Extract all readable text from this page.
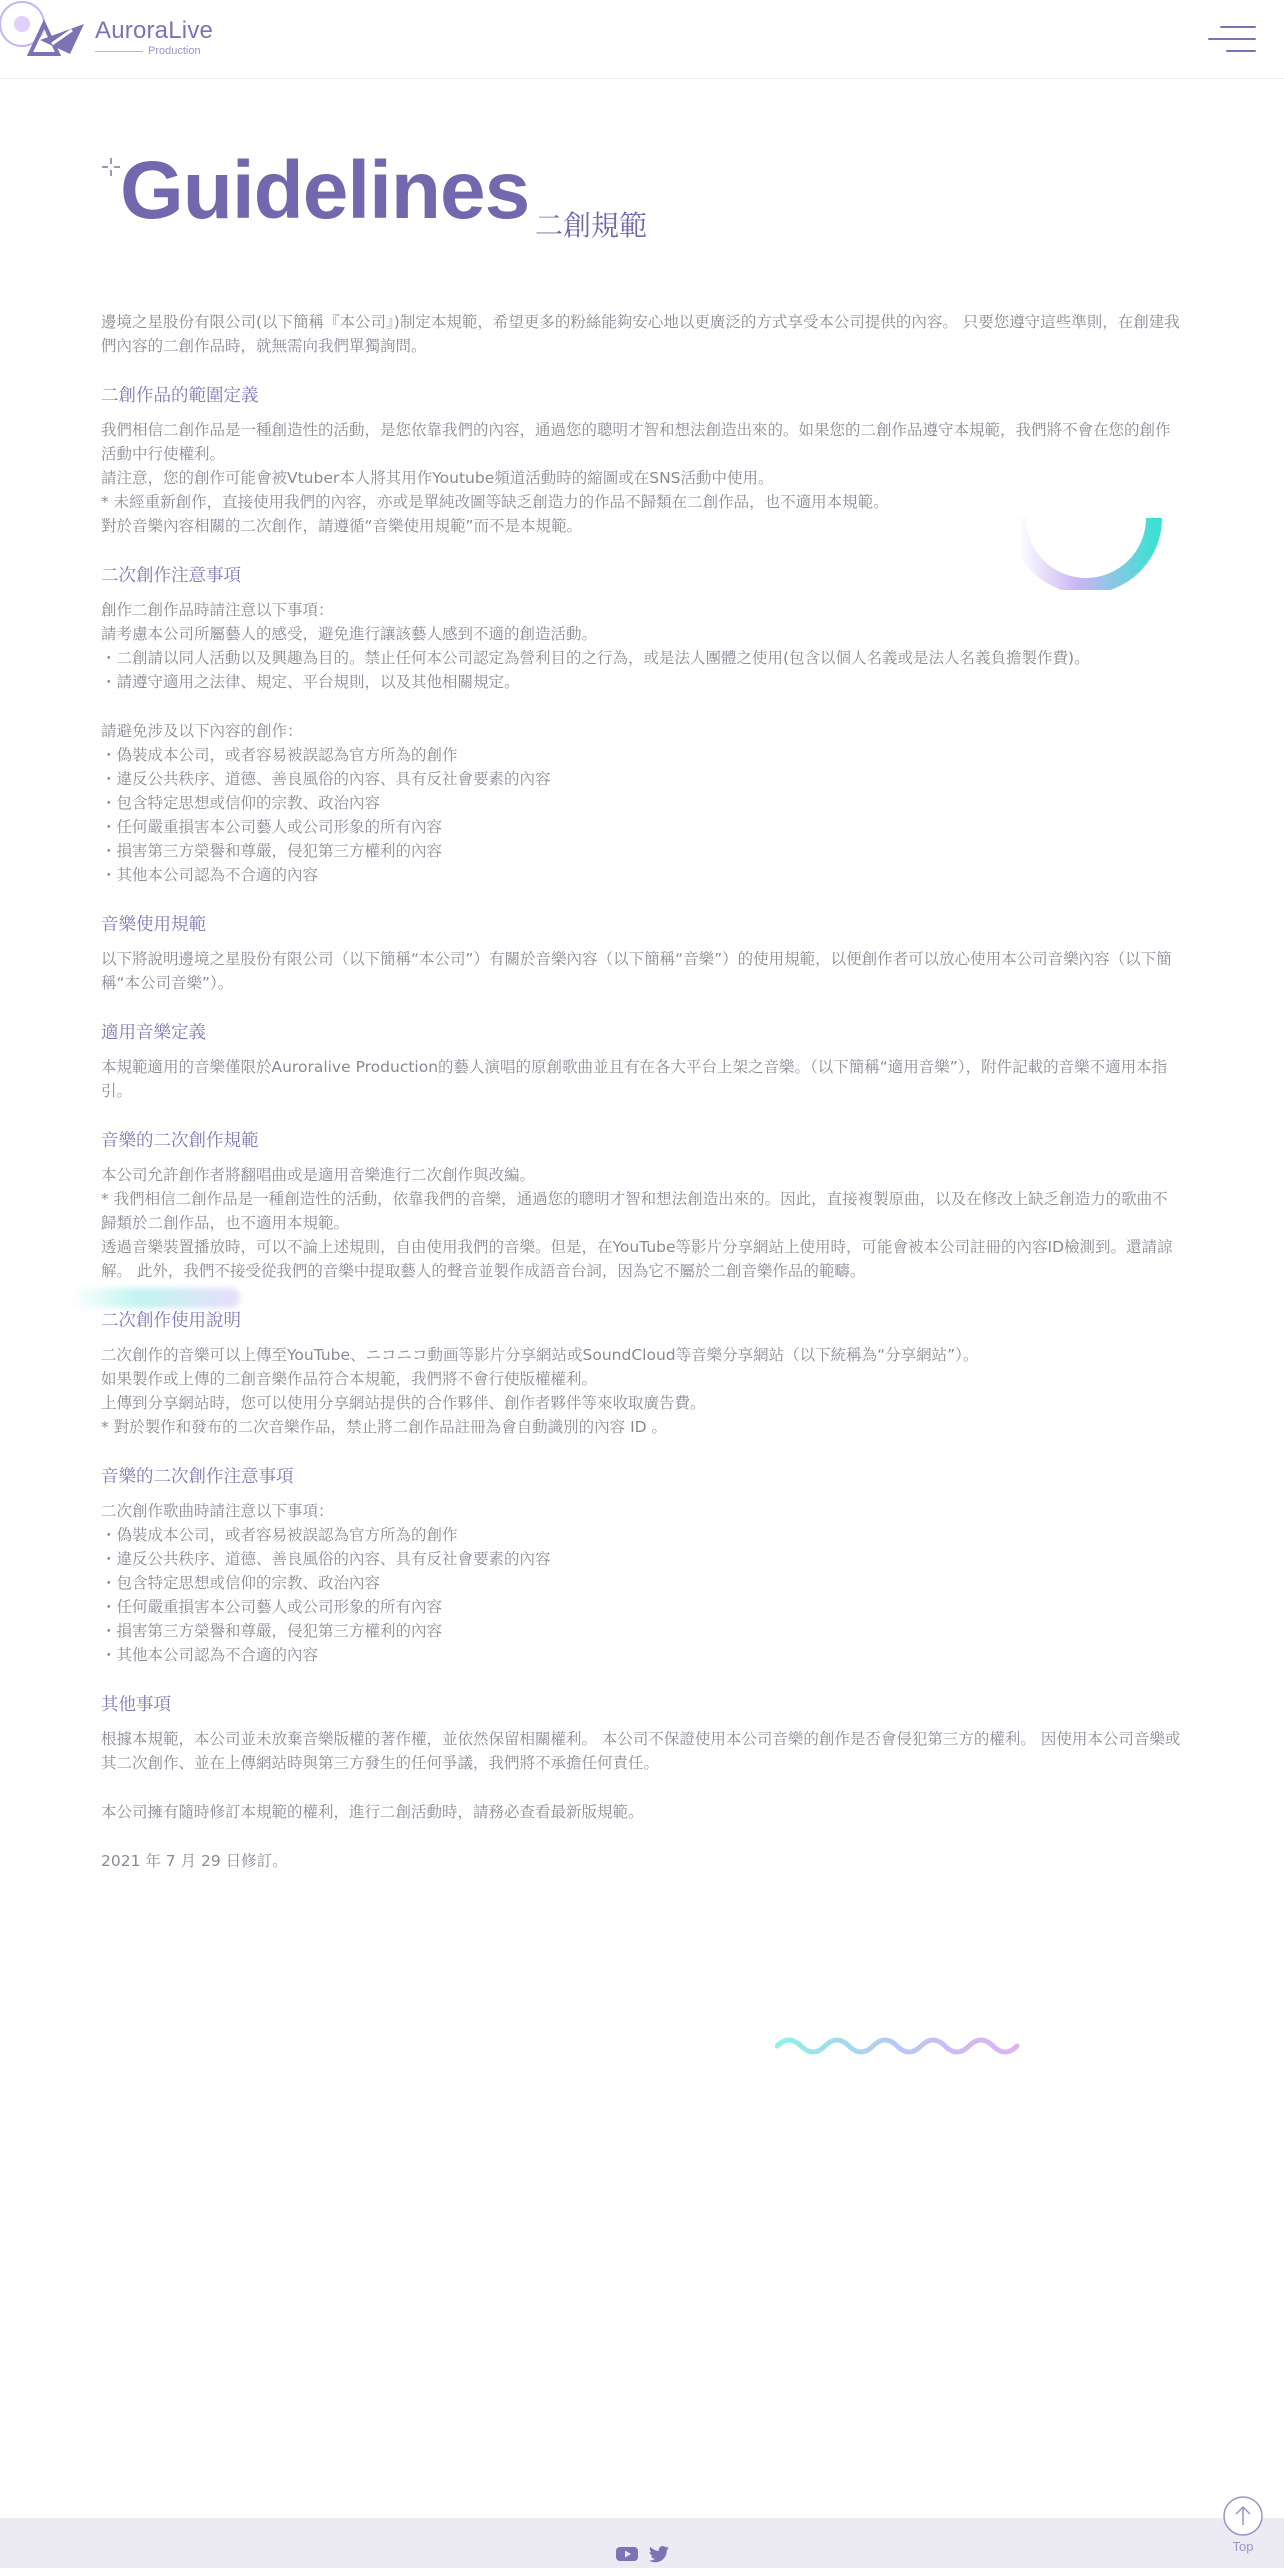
AuroraLive
Production
Guidelines 二創規範

邊境之星股份有限公司(以下簡稱『本公司』)制定本規範，希望更多的粉絲能夠安心地以更廣泛的方式享受本公司提供的內容。 只要您遵守這些準則，在創建我們內容的二創作品時，就無需向我們單獨詢問。

二創作品的範圍定義

我們相信二創作品是一種創造性的活動，是您依靠我們的內容，通過您的聰明才智和想法創造出來的。如果您的二創作品遵守本規範，我們將不會在您的創作活動中行使權利。
請注意，您的創作可能會被Vtuber本人將其用作Youtube頻道活動時的縮圖或在SNS活動中使用。
* 未經重新創作，直接使用我們的內容，亦或是單純改圖等缺乏創造力的作品不歸類在二創作品，也不適用本規範。
對於音樂內容相關的二次創作，請遵循“音樂使用規範”而不是本規範。

二次創作注意事項

創作二創作品時請注意以下事項：
請考慮本公司所屬藝人的感受，避免進行讓該藝人感到不適的創造活動。
・二創請以同人活動以及興趣為目的。禁止任何本公司認定為營利目的之行為，或是法人團體之使用(包含以個人名義或是法人名義負擔製作費)。
・請遵守適用之法律、規定、平台規則，以及其他相關規定。

請避免涉及以下內容的創作：
・偽裝成本公司，或者容易被誤認為官方所為的創作
・違反公共秩序、道德、善良風俗的內容、具有反社會要素的內容
・包含特定思想或信仰的宗教、政治內容
・任何嚴重損害本公司藝人或公司形象的所有內容
・損害第三方榮譽和尊嚴，侵犯第三方權利的內容
・其他本公司認為不合適的內容

音樂使用規範

以下將說明邊境之星股份有限公司（以下簡稱“本公司”）有關於音樂內容（以下簡稱“音樂”）的使用規範，以便創作者可以放心使用本公司音樂內容（以下簡稱“本公司音樂”）。

適用音樂定義

本規範適用的音樂僅限於Auroralive Production的藝人演唱的原創歌曲並且有在各大平台上架之音樂。（以下簡稱“適用音樂”），附件記載的音樂不適用本指引。

音樂的二次創作規範

本公司允許創作者將翻唱曲或是適用音樂進行二次創作與改編。
* 我們相信二創作品是一種創造性的活動，依靠我們的音樂，通過您的聰明才智和想法創造出來的。因此，直接複製原曲，以及在修改上缺乏創造力的歌曲不歸類於二創作品，也不適用本規範。
透過音樂裝置播放時，可以不論上述規則，自由使用我們的音樂。但是，在YouTube等影片分享網站上使用時，可能會被本公司註冊的內容ID檢測到。還請諒解。 此外，我們不接受從我們的音樂中提取藝人的聲音並製作成語音台詞，因為它不屬於二創音樂作品的範疇。

二次創作使用說明

二次創作的音樂可以上傳至YouTube、ニコニコ動画等影片分享網站或SoundCloud等音樂分享網站（以下統稱為“分享網站”）。
如果製作或上傳的二創音樂作品符合本規範，我們將不會行使版權權利。
上傳到分享網站時，您可以使用分享網站提供的合作夥伴、創作者夥伴等來收取廣告費。
* 對於製作和發布的二次音樂作品，禁止將二創作品註冊為會自動識別的內容 ID 。

音樂的二次創作注意事項

二次創作歌曲時請注意以下事項：
・偽裝成本公司，或者容易被誤認為官方所為的創作
・違反公共秩序、道德、善良風俗的內容、具有反社會要素的內容
・包含特定思想或信仰的宗教、政治內容
・任何嚴重損害本公司藝人或公司形象的所有內容
・損害第三方榮譽和尊嚴，侵犯第三方權利的內容
・其他本公司認為不合適的內容

其他事項

根據本規範，本公司並未放棄音樂版權的著作權，並依然保留相關權利。 本公司不保證使用本公司音樂的創作是否會侵犯第三方的權利。 因使用本公司音樂或其二次創作、並在上傳網站時與第三方發生的任何爭議，我們將不承擔任何責任。

本公司擁有隨時修訂本規範的權利，進行二創活動時，請務必查看最新版規範。

2021 年 7 月 29 日修訂。

Top
